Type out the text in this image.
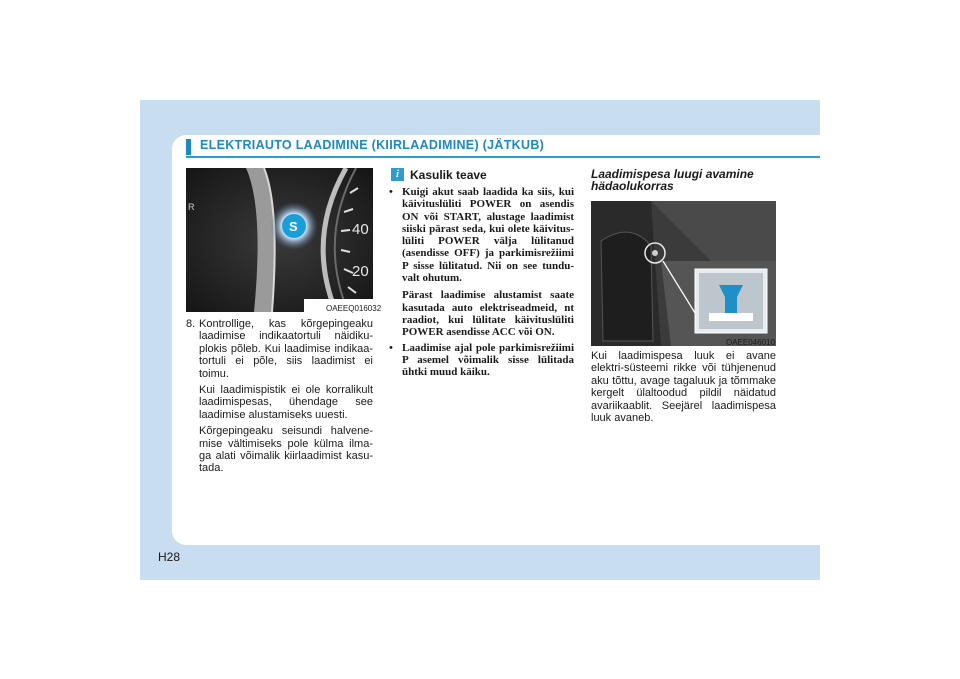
ELEKTRIAUTO LAADIMINE (KIIRLAADIMINE) (JÄTKUB)
S
R
40
20
OAEEQ016032

8. Kontrollige, kas kõrgepingeaku laadimise indikaatortuli näidiku-plokis põleb. Kui laadimise indikaa-tortuli ei põle, siis laadimist ei toimu.

Kui laadimispistik ei ole korralikult laadimispesas, ühendage see laadimise alustamiseks uuesti.

Kõrgepingeaku seisundi halvene-mise vältimiseks pole külma ilma-ga alati võimalik kiirlaadimist kasu-tada.

i Kasulik teave
• Kuigi akut saab laadida ka siis, kui käivituslüliti POWER on asendis ON või START, alustage laadimist siiski pärast seda, kui olete käivitus-lüliti POWER välja lülitanud (asendisse OFF) ja parkimisrežiimi P sisse lülitatud. Nii on see tundu-valt ohutum.
Pärast laadimise alustamist saate kasutada auto elektriseadmeid, nt raadiot, kui lülitate käivituslüliti POWER asendisse ACC või ON.
• Laadimise ajal pole parkimisrežiimi P asemel võimalik sisse lülitada ühtki muud käiku.
Laadimispesa luugi avamine hädaolukorras
OAEE046010

Kui laadimispesa luuk ei avane elektri-süsteemi rikke või tühjenenud aku tõttu, avage tagaluuk ja tõmmake kergelt ülaltoodud pildil näidatud avariikaablit. Seejärel laadimispesa luuk avaneb.

H28
